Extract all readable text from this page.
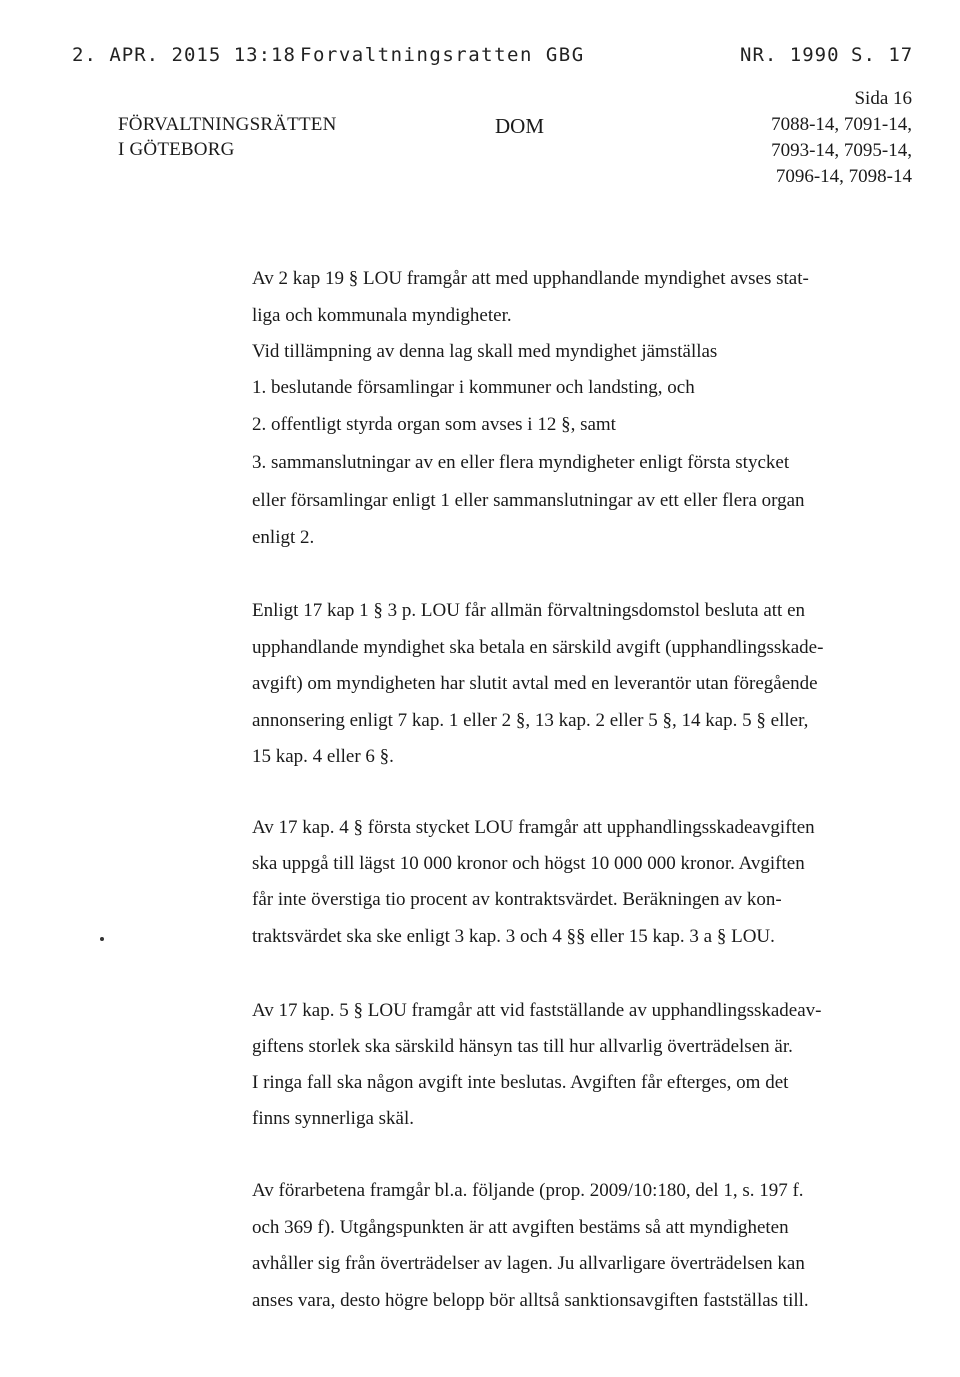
2. APR. 2015 13:18 Forvaltningsratten GBG	NR. 1990 S. 17
FÖRVALTNINGSRÄTTEN
I GÖTEBORG
DOM
Sida 16
7088-14, 7091-14,
7093-14, 7095-14,
7096-14, 7098-14
Av 2 kap 19 § LOU framgår att med upphandlande myndighet avses stat-
liga och kommunala myndigheter.
Vid tillämpning av denna lag skall med myndighet jämställas
1. beslutande församlingar i kommuner och landsting, och
2. offentligt styrda organ som avses i 12 §, samt
3. sammanslutningar av en eller flera myndigheter enligt första stycket
eller församlingar enligt 1 eller sammanslutningar av ett eller flera organ
enligt 2.
Enligt 17 kap 1 § 3 p. LOU får allmän förvaltningsdomstol besluta att en
upphandlande myndighet ska betala en särskild avgift (upphandlingsskade-
avgift) om myndigheten har slutit avtal med en leverantör utan föregående
annonsering enligt 7 kap. 1 eller 2 §, 13 kap. 2 eller 5 §, 14 kap. 5 § eller,
15 kap. 4 eller 6 §.
Av 17 kap. 4 § första stycket LOU framgår att upphandlingsskadeavgiften
ska uppgå till lägst 10 000 kronor och högst 10 000 000 kronor. Avgiften
får inte överstiga tio procent av kontraktsvärdet. Beräkningen av kon-
traktsvärdet ska ske enligt 3 kap. 3 och 4 §§ eller 15 kap. 3 a § LOU.
Av 17 kap. 5 § LOU framgår att vid fastställande av upphandlingsskadeav-
giftens storlek ska särskild hänsyn tas till hur allvarlig överträdelsen är.
I ringa fall ska någon avgift inte beslutas. Avgiften får efterges, om det
finns synnerliga skäl.
Av förarbetena framgår bl.a. följande (prop. 2009/10:180, del 1, s. 197 f.
och 369 f). Utgångspunkten är att avgiften bestäms så att myndigheten
avhåller sig från överträdelser av lagen. Ju allvarligare överträdelsen kan
anses vara, desto högre belopp bör alltså sanktionsavgiften fastställas till.
